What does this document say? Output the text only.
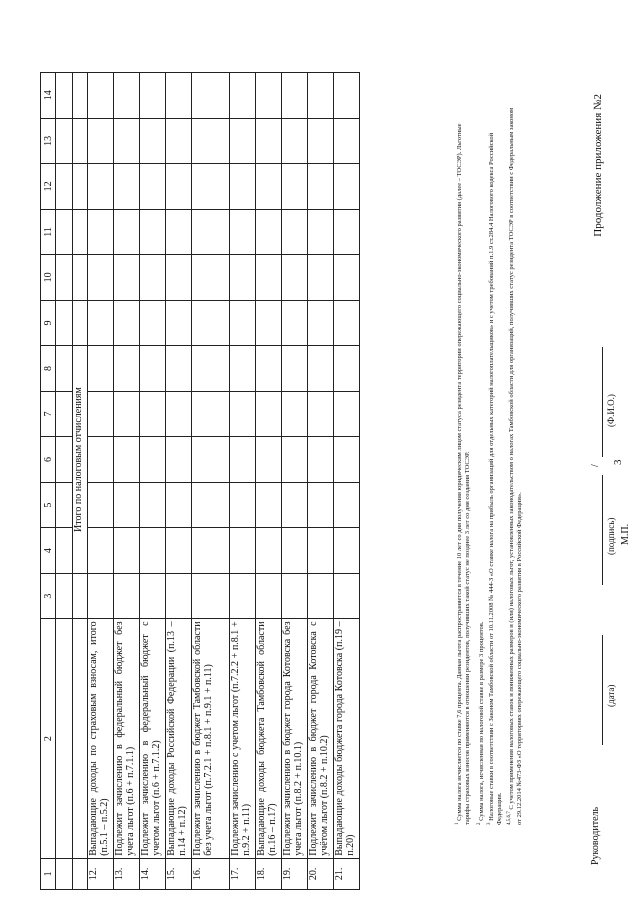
3
Продолжение приложения №2
1	2	3	4	5	6	7	8	9	10	11	12	13	14

			Итого по налоговым отчислениям										
12.	Выпадающие доходы по страховым взносам, итого (п.5.1 – п.5.2)												
13.	Подлежит зачислению в федеральный бюджет без учета льгот (п.6 + п.7.1.1)												
14.	Подлежит зачислению в федеральный бюджет с учетом льгот (п.6 + п.7.1.2)												
15.	Выпадающие доходы Российской Федерации (п.13 – п.14 + п.12)												
16.	Подлежит зачислению в бюджет Тамбовской области без учета льгот (п.7.2.1 + п.8.1 + п.9.1 + п.11)												
17.	Подлежит зачислению с учетом льгот (п.7.2.2 + п.8.1 + п.9.2 + п.11)												
18.	Выпадающие доходы бюджета Тамбовской области (п.16 – п.17)												
19.	Подлежит зачислению в бюджет города Котовска без учета льгот (п.8.2 + п.10.1)												
20.	Подлежит зачислению в бюджет города Котовска с учётом льгот (п.8.2 + п.10.2)												
21.	Выпадающие доходы бюджета города Котовска (п.19 – п.20)												
$^1$ Сумма налога исчисляется по ставке 7,6 процента. Данная льгота распространяется в течение 10 лет со дня получения юридическим лицом статуса резидента территории опережающего социально-экономического развития (далее – ТОСЭР). Льготные тарифы страховых взносов применяются в отношении резидентов, получивших такой статус не позднее 3 лет со дня создания ТОСЭР. $^2$ Сумма налога, исчисленная по налоговой ставке в размере 3 процентов.
$^3$ Налоговые ставки в соответствии с Законом Тамбовской области от 10.11.2008 № 444-З «О ставке налога на прибыль организаций для отдельных категорий налогоплательщиков» и с учетом требований п.1.9 ст.284.4 Налогового кодекса Российской Федерации. $^{4,5,6,7}$ С учетом применения налоговых ставок и пониженных размеров и (или) налоговых льгот, установленных законодательством о налогах Тамбовской области для организаций, получивших статус резидента ТОСЭР в соответствии с Федеральным законом от 29.12.2014 №473-ФЗ «О территориях опережающего социально-экономического развития в Российской Федерации».
Руководитель
(дата)
(подпись)
/
(Ф.И.О.)
М.П.
